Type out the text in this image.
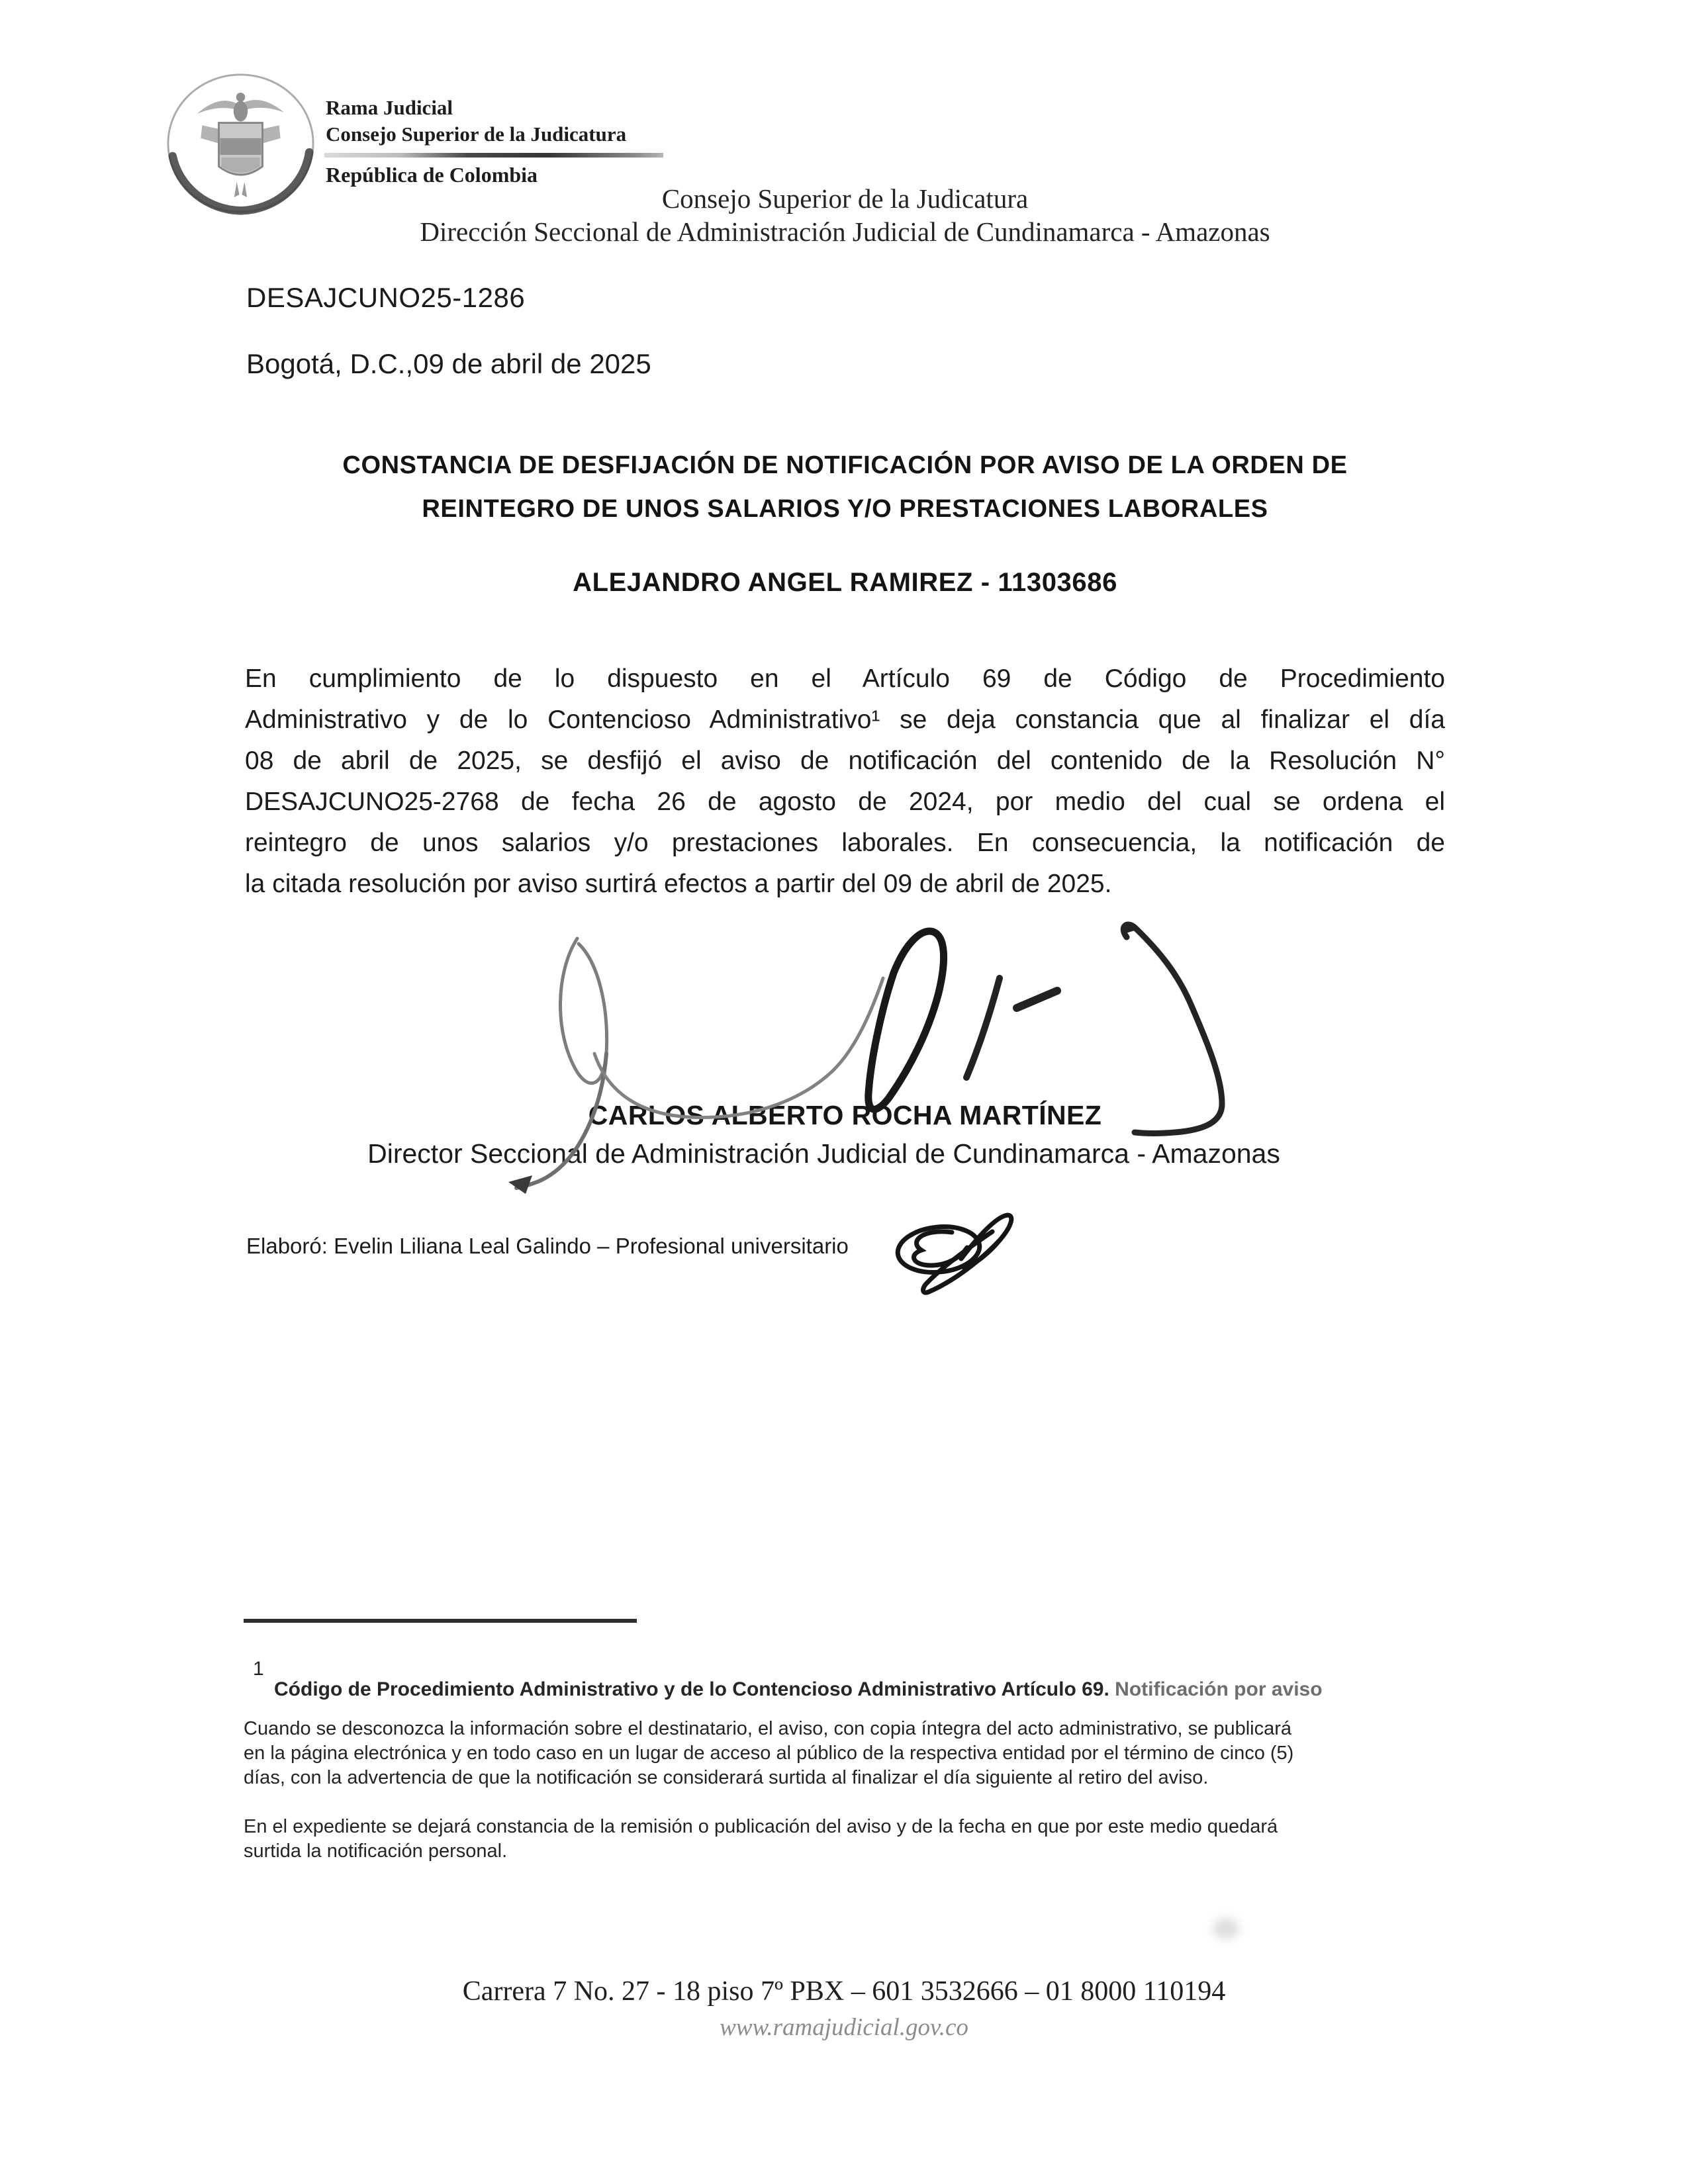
Rama Judicial
Consejo Superior de la Judicatura
República de Colombia
Consejo Superior de la Judicatura
Dirección Seccional de Administración Judicial de Cundinamarca - Amazonas
DESAJCUNO25-1286
Bogotá, D.C.,09 de abril de 2025
CONSTANCIA DE DESFIJACIÓN DE NOTIFICACIÓN POR AVISO DE LA ORDEN DE
REINTEGRO DE UNOS SALARIOS Y/O PRESTACIONES LABORALES
ALEJANDRO ANGEL RAMIREZ - 11303686
En cumplimiento de lo dispuesto en el Artículo 69 de Código de Procedimiento
Administrativo y de lo Contencioso Administrativo¹ se deja constancia que al finalizar el día
08 de abril de 2025, se desfijó el aviso de notificación del contenido de la Resolución N°
DESAJCUNO25-2768 de fecha 26 de agosto de 2024, por medio del cual se ordena el
reintegro de unos salarios y/o prestaciones laborales. En consecuencia, la notificación de
la citada resolución por aviso surtirá efectos a partir del 09 de abril de 2025.
CARLOS ALBERTO ROCHA MARTÍNEZ
Director Seccional de Administración Judicial de Cundinamarca - Amazonas
Elaboró: Evelin Liliana Leal Galindo – Profesional universitario
1
Código de Procedimiento Administrativo y de lo Contencioso Administrativo Artículo 69. Notificación por aviso
Cuando se desconozca la información sobre el destinatario, el aviso, con copia íntegra del acto administrativo, se publicará
en la página electrónica y en todo caso en un lugar de acceso al público de la respectiva entidad por el término de cinco (5)
días, con la advertencia de que la notificación se considerará surtida al finalizar el día siguiente al retiro del aviso.
En el expediente se dejará constancia de la remisión o publicación del aviso y de la fecha en que por este medio quedará
surtida la notificación personal.
Carrera 7 No. 27 - 18 piso 7º PBX – 601 3532666 – 01 8000 110194
www.ramajudicial.gov.co
